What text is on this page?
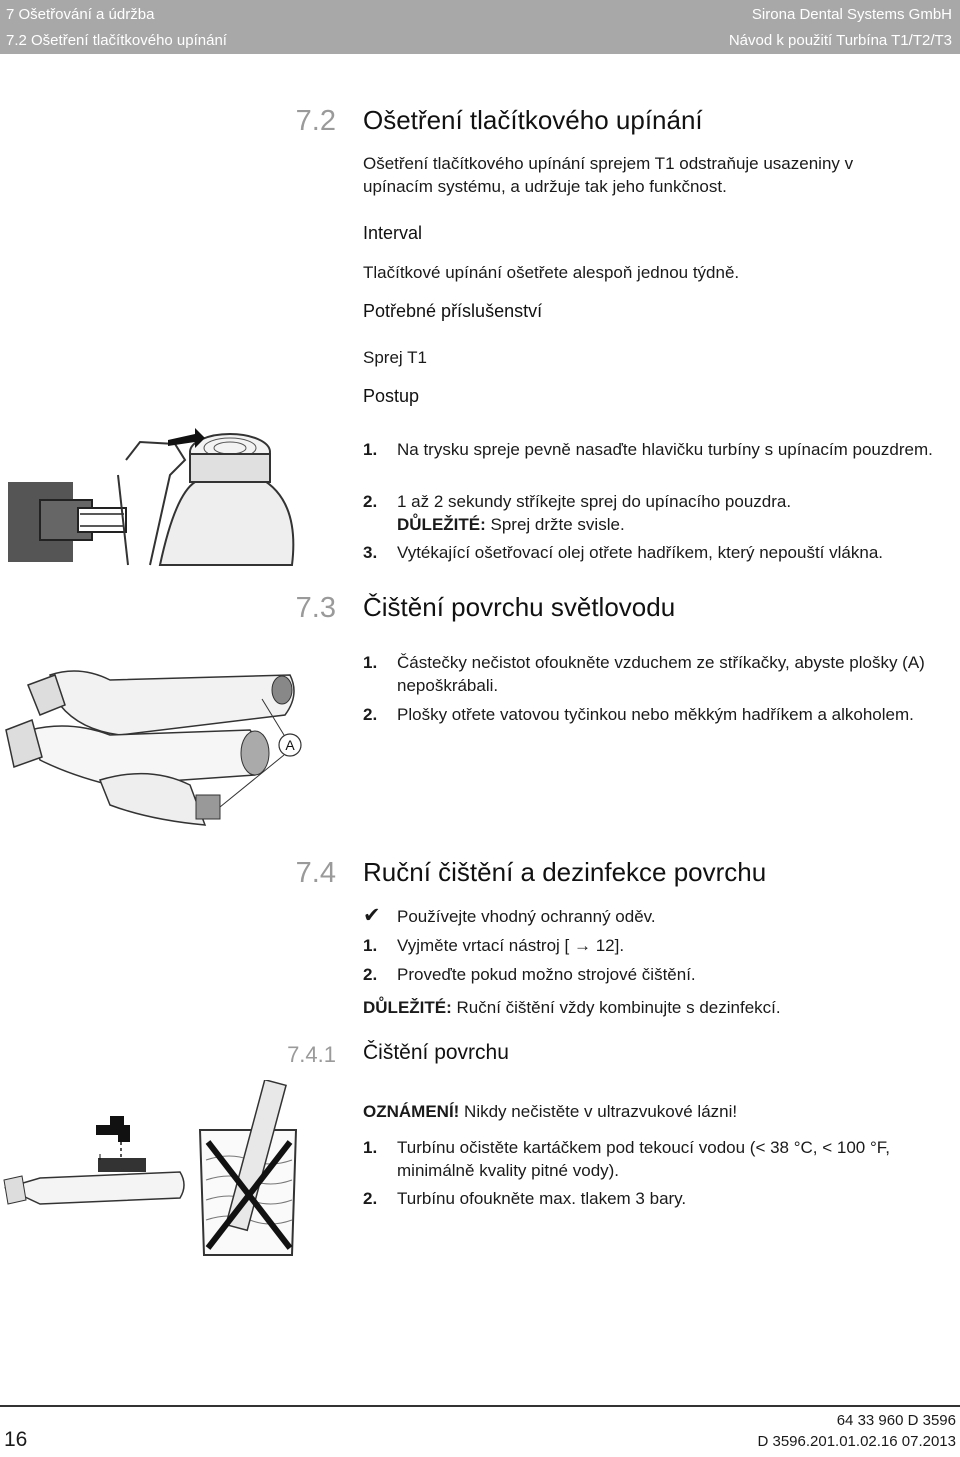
7 Ošetřování a údržba
7.2 Ošetření tlačítkového upínání
Sirona Dental Systems GmbH
Návod k použití Turbína T1/T2/T3
7.2 Ošetření tlačítkového upínání
Ošetření tlačítkového upínání sprejem T1 odstraňuje usazeniny v upínacím systému, a udržuje tak jeho funkčnost.
Interval
Tlačítkové upínání ošetřete alespoň jednou týdně.
Potřebné příslušenství
Sprej T1
Postup
1. Na trysku spreje pevně nasaďte hlavičku turbíny s upínacím pouzdrem.
2. 1 až 2 sekundy stříkejte sprej do upínacího pouzdra.
DŮLEŽITÉ: Sprej držte svisle.
3. Vytékající ošetřovací olej otřete hadříkem, který nepouští vlákna.
7.3 Čištění povrchu světlovodu
1. Částečky nečistot ofoukněte vzduchem ze stříkačky, abyste plošky (A) nepoškrábali.
2. Plošky otřete vatovou tyčinkou nebo měkkým hadříkem a alkoholem.
A
7.4 Ruční čištění a dezinfekce povrchu
✔ Používejte vhodný ochranný oděv.
1. Vyjměte vrtací nástroj [ → 12].
2. Proveďte pokud možno strojové čištění.
DŮLEŽITÉ: Ruční čištění vždy kombinujte s dezinfekcí.
7.4.1 Čištění povrchu
OZNÁMENÍ! Nikdy nečistěte v ultrazvukové lázni!
1. Turbínu očistěte kartáčkem pod tekoucí vodou (< 38 °C, < 100 °F, minimálně kvality pitné vody).
2. Turbínu ofoukněte max. tlakem 3 bary.
16
64 33 960 D 3596
D 3596.201.01.02.16 07.2013
